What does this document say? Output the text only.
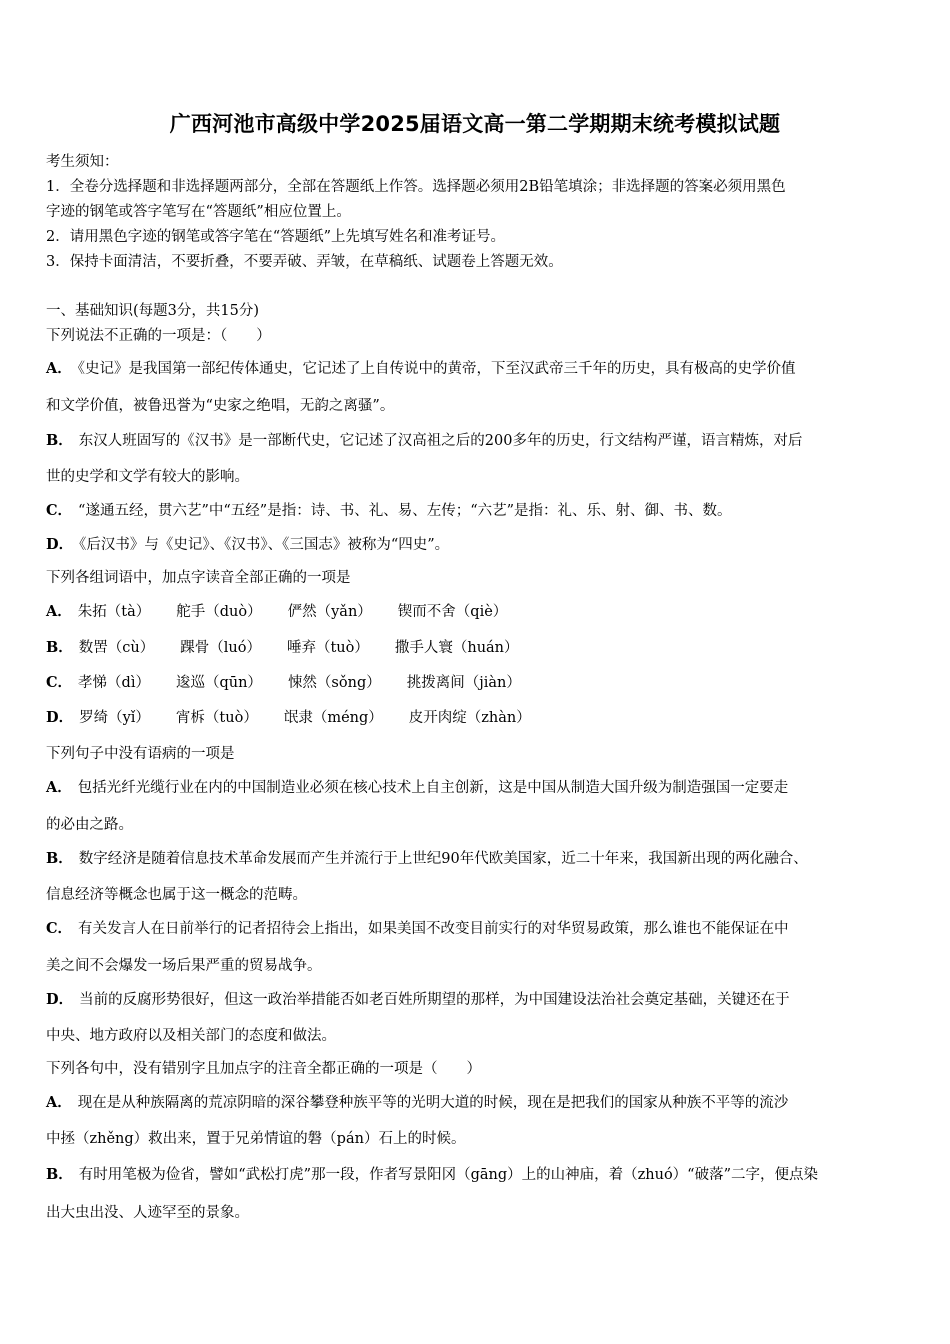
广西河池市高级中学2025届语文高一第二学期期末统考模拟试题
考生须知：
1．全卷分选择题和非选择题两部分，全部在答题纸上作答。选择题必须用2B铅笔填涂；非选择题的答案必须用黑色
字迹的钢笔或答字笔写在“答题纸”相应位置上。
2．请用黑色字迹的钢笔或答字笔在“答题纸”上先填写姓名和准考证号。
3．保持卡面清洁，不要折叠，不要弄破、弄皱，在草稿纸、试题卷上答题无效。
一、基础知识(每题3分，共15分)
下列说法不正确的一项是：（　　）
A． 《史记》是我国第一部纪传体通史，它记述了上自传说中的黄帝，下至汉武帝三千年的历史，具有极高的史学价值
和文学价值，被鲁迅誉为“史家之绝唱，无韵之离骚”。
B． 东汉人班固写的《汉书》是一部断代史，它记述了汉高祖之后的200多年的历史，行文结构严谨，语言精炼，对后
世的史学和文学有较大的影响。
C． “遂通五经，贯六艺”中“五经”是指：诗、书、礼、易、左传；“六艺”是指：礼、乐、射、御、书、数。
D． 《后汉书》与《史记》、《汉书》、《三国志》被称为“四史”。
下列各组词语中，加点字读音全部正确的一项是
A． 朱拓（tà） 舵手（duò） 俨然（yǎn） 锲而不舍（qiè）
B． 数罟（cù） 踝骨（luó） 唾弃（tuò） 撒手人寰（huán）
C． 孝悌（dì） 逡巡（qūn） 悚然（sǒng） 挑拨离间（jiàn）
D． 罗绮（yǐ） 宵柝（tuò） 氓隶（méng） 皮开肉绽（zhàn）
下列句子中没有语病的一项是
A． 包括光纤光缆行业在内的中国制造业必须在核心技术上自主创新，这是中国从制造大国升级为制造强国一定要走
的必由之路。
B． 数字经济是随着信息技术革命发展而产生并流行于上世纪90年代欧美国家，近二十年来，我国新出现的两化融合、
信息经济等概念也属于这一概念的范畴。
C． 有关发言人在日前举行的记者招待会上指出，如果美国不改变目前实行的对华贸易政策，那么谁也不能保证在中
美之间不会爆发一场后果严重的贸易战争。
D． 当前的反腐形势很好，但这一政治举措能否如老百姓所期望的那样，为中国建设法治社会奠定基础，关键还在于
中央、地方政府以及相关部门的态度和做法。
下列各句中，没有错别字且加点字的注音全都正确的一项是（　　）
A． 现在是从种族隔离的荒凉阴暗的深谷攀登种族平等的光明大道的时候，现在是把我们的国家从种族不平等的流沙
中拯（zhěng）救出来，置于兄弟情谊的磐（pán）石上的时候。
B． 有时用笔极为俭省，譬如“武松打虎”那一段，作者写景阳冈（gāng）上的山神庙，着（zhuó）“破落”二字，便点染
出大虫出没、人迹罕至的景象。
